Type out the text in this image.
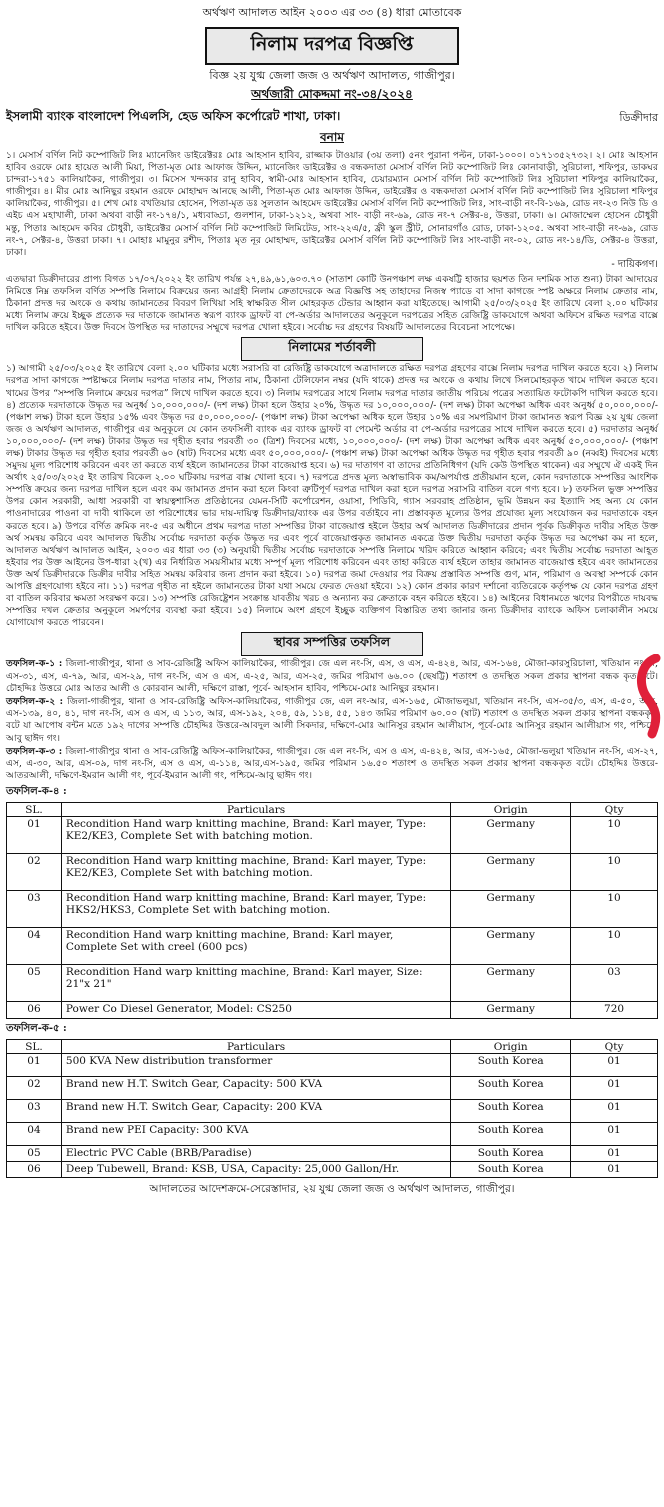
অর্থঋণ আদালত আইন ২০০৩ এর ৩৩ (৪) ধারা মোতাবেক
নিলাম দরপত্র বিজ্ঞপ্তি
বিজ্ঞ ২য় যুগ্ম জেলা জজ ও অর্থঋণ আদালত, গাজীপুর।
অর্থজারী মোকদ্দমা নং-৩৪/২০২৪
ইসলামী ব্যাংক বাংলাদেশ পিএলসি, হেড অফিস কর্পোরেট শাখা, ঢাকা।	ডিক্রীদার
বনাম

১। মেসার্স বর্ণিল নিট কম্পোজিট লিঃ ম্যানেজিং ডাইরেক্টরঃ মোঃ আহসান হাবিব, রাজ্জাক টাওয়ার (৩য় তলা) ৫নং পুরানা পল্টন, ঢাকা-১০০০। ০১৭১৩৫২৭৩২। ২। মোঃ আহসান হাবিব ওরফে মোঃ হায়েত আলী মিয়া, পিতা-মৃত মোঃ আফাজ উদ্দিন, ম্যানেজিং ডাইরেক্টর ও বন্ধকদাতা মেসার্স বর্ণিল নিট কম্পোজিট লিঃ কোনাবাড়ী, সুরিচালা, শফিপুর, ডাকঘর চান্দরা-১৭৫১ কালিয়াকৈর, গাজীপুর। ৩। মিসেস খন্দকার রানু হাবিব, স্বামী-মোঃ আহসান হাবিব, চেয়ারম্যান মেসার্স বর্ণিল নিট কম্পোজিট লিঃ সুরিচালা শফিপুর কালিয়াকৈর, গাজীপুর। ৪। মীর মোঃ আনিছুর রহমান ওরফে মোহাম্মদ আনছে আলী, পিতা-মৃত মোঃ আফাজ উদ্দিন, ডাইরেক্টর ও বন্ধকদাতা মেসার্স বর্ণিল নিট কম্পোজিট লিঃ সুরিচালা শফিপুর কালিয়াকৈর, গাজীপুর। ৫। শেখ মোঃ বখতিয়ার হোসেন, পিতা-মৃত ডঃ সুলতান আহমেদ ডাইরেক্টর মেসার্স বর্ণিল নিট কম্পোজিট লিঃ, সাং-বাড়ী নং-বি-১৬৯, রোড নং-২৩ নিউ ডি ও এইচ এস মহাখালী, ঢাকা অথবা বাড়ী নং-১৭৪/১, মধ্যবাড্ডা, গুলশান, ঢাকা-১২১২, অথবা সাং- বাড়ী নং-৬৯, রোড নং-৭ সেক্টর-৪, উত্তরা, ঢাকা। ৬। মোজাম্মেল হোসেন চৌধুরী মন্তু, পিতাঃ আহমেদ কবির চৌধুরী, ডাইরেক্টর মেসার্স বর্ণিল নিট কম্পোজিট লিমিটেড, সাং-২২এ/৫, ফ্রী স্কুল স্ট্রীট, সোনারগাঁও রোড, ঢাকা-১২০৫. অথবা সাং-বাড়ী নং-৬৯, রোড নং-৭, সেক্টর-৪, উত্তরা ঢাকা। ৭। মোহাঃ মামুনুর রশীদ, পিতাঃ মৃত নূর মোহাম্মদ, ডাইরেক্টর মেসার্স বর্ণিল নিট কম্পোজিট লিঃ সাং-বাড়ী নং-০২, রোড নং-১৪/ডি, সেক্টর-৪ উত্তরা, ঢাকা।

- দায়িকগণ।

এতদ্বারা ডিক্রীদারের প্রাপ্য বিগত ১৭/০৭/২০২২ ইং তারিখ পর্যন্ত ২৭,৪৯,৬১,৬০৩.৭০ (সাতাশ কোটি উনপঞ্চাশ লক্ষ একষট্টি হাজার ছয়শত তিন দশমিক সাত শুন্য) টাকা আদায়ের নিমিত্তে নিম্ন তফসিল বর্ণিত সম্পত্তি নিলামে বিক্রয়ের জন্য আগ্রহী নিলাম ক্রেতাদেরকে অত্র বিজ্ঞপ্তি সহ তাহাদের নিজস্ব প্যাডে বা সাদা কাগজে স্পষ্ট অক্ষরে নিলাম ক্রেতার নাম, ঠিকানা প্রদত্ত দর অংকে ও কথায় জামানতের বিবরণ লিখিয়া সহি স্বাক্ষরিত সীল মোহরকৃত টেন্ডার আহ্বান করা যাইতেছে। আগামী ২৫/০৩/২০২৫ ইং তারিখে বেলা ২.০০ ঘটিকার মধ্যে নিলাম ক্রয়ে ইচ্ছুক প্রত্যেক দর দাতাকে জামানত স্বরূপ ব্যাংক ড্রাফট বা পে-অর্ডার আদালতের অনুকূলে দরপত্রের সহিত রেজিষ্ট্রি ডাকযোগে অথবা অফিসে রক্ষিত দরপত্র বাক্সে দাখিল করিতে হইবে। উক্ত দিবসে উপস্থিত দর দাতাদের সম্মুখে দরপত্র খোলা হইবে। সর্বোচ্চ দর গ্রহণের বিষয়টি আদালতের বিবেচনা সাপেক্ষে।

নিলামের শর্তাবলী

১) আগামী ২৫/০৩/২০২৫ ইং তারিখে বেলা ২.০০ ঘটিকার মধ্যে সরাসরি বা রেজিষ্ট্রি ডাকযোগে অত্রাদালতে রক্ষিত দরপত্র গ্রহণের বাক্সে নিলাম দরপত্র দাখিল করতে হবে। ২) নিলাম দরপত্র সাদা কাগজে স্পষ্টাক্ষরে নিলাম দরপত্র দাতার নাম, পিতার নাম, ঠিকানা টেলিফোন নম্বর (যদি থাকে) প্রদত্ত দর অংকে ও কথায় লিখে সিলমোহরকৃত খামে দাখিল করতে হবে। খামের উপর “সম্পত্তি নিলামে ক্রয়ের দরপত্র” লিখে দাখিল করতে হবে। ৩) নিলাম দরপত্রের সাথে নিলাম দরপত্র দাতার জাতীয় পরিচয় পত্রের সত্যায়িত ফটোকপি দাখিল করতে হবে। ৪) প্রত্যেক দরদাতাকে উদ্ধৃত দর অনুর্ধ্ব ১০,০০০,০০০/- (দশ লক্ষ) টাকা হলে উহার ২০%, উদ্ধৃত দর ১০,০০০,০০০/- (দশ লক্ষ) টাকা অপেক্ষা অধিক এবং অনুর্ধ্ব ৫০,০০০,০০০/- (পঞ্চাশ লক্ষ) টাকা হলে উহার ১৫% এবং উদ্ধৃত দর ৫০,০০০,০০০/- (পঞ্চাশ লক্ষ) টাকা অপেক্ষা অধিক হলে উহার ১০% এর সমপরিমাণ টাকা জামানত স্বরূপ বিজ্ঞ ২য় যুগ্ম জেলা জজ ও অর্থঋণ আদালত, গাজীপুর এর অনুকূলে যে কোন তফসিলী ব্যাংক এর ব্যাংক ড্রাফট বা পেমেন্ট অর্ডার বা পে-অর্ডার দরপত্রের সাথে দাখিল করতে হবে। ৫) দরদাতার অনুর্ধ্ব ১০,০০০,০০০/- (দশ লক্ষ) টাকার উদ্ধৃত দর গৃহীত হবার পরবর্তী ৩০ (ত্রিশ) দিবসের মধ্যে, ১০,০০০,০০০/- (দশ লক্ষ) টাকা অপেক্ষা অধিক এবং অনুর্ধ্ব ৫০,০০০,০০০/- (পঞ্চাশ লক্ষ) টাকার উদ্ধৃত দর গৃহীত হবার পরবর্তী ৬০ (ষাট) দিবসের মধ্যে এবং ৫০,০০০,০০০/- (পঞ্চাশ লক্ষ) টাকা অপেক্ষা অধিক উদ্ধৃত দর গৃহীত হবার পরবর্তী ৯০ (নব্বই) দিবসের মধ্যে সমুদয় মূল্য পরিশোধ করিবেন এবং তা করতে ব্যর্থ হইলে জামানতের টাকা বাজেয়াপ্ত হবে। ৬) দর দাতাগণ বা তাদের প্রতিনিধিগণ (যদি কেউ উপস্থিত থাকেন) এর সম্মুখে ঐ একই দিন অর্থাৎ ২৫/০৩/২০২৫ ইং তারিখ বিকেল ২.০০ ঘটিকায় দরপত্র বাক্স খোলা হবে। ৭) দরপত্রে প্রদত্ত মূল্য অস্বাভাবিক কম/অপর্যাপ্ত প্রতীয়মান হলে, কোন দরদাতাকে সম্পত্তির আংশিক সম্পত্তি ক্রয়ের জন্য দরপত্র দাখিল হলে এবং কম জামানত প্রদান করা হলে কিংবা ত্রুটিপূর্ণ দরপত্র দাখিল করা হলে দরপত্র সরাসরি বাতিল বলে গণ্য হবে। ৮) তফসিল ভুক্ত সম্পত্তির উপর কোন সরকারী, আধা সরকারী বা স্বায়ত্বশাসিত প্রতিষ্ঠানের যেমন-সিটি কর্পোরেশন, ওয়াসা, পিডিবি, গ্যাস সরবরাহ প্রতিষ্ঠান, ভূমি উন্নয়ন কর ইত্যাদি সহ অন্য যে কোন পাওনাদারের পাওনা বা দাবী থাকিলে তা পরিশোধের ভার দায়-দায়িত্ব ডিক্রীদার/ব্যাংক এর উপর বর্তাইবে না। প্রস্তাবকৃত মূল্যের উপর প্রযোজ্য মূল্য সংযোজন কর দরদাতাকে বহন করতে হবে। ৯) উপরে বর্ণিত ক্রমিক নং-৫ এর অধীনে প্রথম দরপত্র দাতা সম্পত্তির টাকা বাজেয়াপ্ত হইলে উহার অর্থ আদালত ডিক্রীদারের প্রদান পূর্বক ডিক্রীকৃত দাবীর সহিত উক্ত অর্থ সমন্বয় করিবে এবং আদালত দ্বিতীয় সর্বোচ্চ দরদাতা কর্তৃক উদ্ধৃত দর এবং পূর্বে বাজেয়াপ্তকৃত জামানত একত্রে উক্ত দ্বিতীয় দরদাতা কর্তৃক উদ্ধৃত দর অপেক্ষা কম না হলে, আদালত অর্থঋণ আদালত আইন, ২০০৩ এর ধারা ৩৩ (৩) অনুযায়ী দ্বিতীয় সর্বোচ্চ দরদাতাকে সম্পত্তি নিলামে খরিদ করিতে আহ্বান করিবে; এবং দ্বিতীয় সর্বোচ্চ দরদাতা আহূত হইবার পর উক্ত আইনের উপ-ধারা ২(খ) এর নির্ধারিত সময়সীমার মধ্যে সম্পূর্ণ মূল্য পরিশোধ করিবেন এবং তাহা করিতে ব্যর্থ হইলে তাহার জামানত বাজেয়াপ্ত হইবে এবং জামানতের উক্ত অর্থ ডিক্রীদারকে ডিক্রীর দাবীর সহিত সমন্বয় করিবার জন্য প্রদান করা হইবে। ১০) দরপত্র জমা দেওয়ার পর বিক্রয় প্রস্তাবিত সম্পত্তি গুণ, মান, পরিমাণ ও অবস্থা সম্পর্কে কোন আপত্তি গ্রহণযোগ্য হইবে না। ১১) দরপত্র গৃহীত না হইলে জামানতের টাকা যথা সময়ে ফেরত দেওয়া হইবে। ১২) কোন প্রকার কারণ দর্শানো ব্যতিরেকে কর্তৃপক্ষ যে কোন দরপত্র গ্রহণ বা বাতিল করিবার ক্ষমতা সংরক্ষণ করে। ১৩) সম্পত্তি রেজিষ্ট্রেশন সংক্রান্ত যাবতীয় খরচ ও অন্যান্য কর ক্রেতাকে বহন করিতে হইবে। ১৪) আইনের বিধানমতে ঋণের বিপরীতে দায়বদ্ধ সম্পত্তির দখল ক্রেতার অনুকূলে সমর্পণের ব্যবস্থা করা হইবে। ১৫) নিলামে অংশ গ্রহণে ইচ্ছুক ব্যক্তিগণ বিস্তারিত তথ্য জানার জন্য ডিক্রীদার ব্যাংকে অফিস চলাকালীন সময়ে যোগাযোগ করতে পারবেন।

স্থাবর সম্পত্তির তফসিল
তফসিল-ক-১ : জিলা-গাজীপুর, থানা ও সাব-রেজিষ্ট্রি অফিস কালিয়াকৈর, গাজীপুর। জে এল নং-সি, এস, ও এস, এ-৪২৪, আর, এস-১৬৪, মৌজা-কারসুরিচালা, খতিয়ান নং-সি, এস-৩১, এস, এ-৭৯, আর, এস-২৯, দাগ নং-সি, এস ও এস, এ-২৫, আর, এস-২৫, জমির পরিমাণ ৬৬.০০ (ছেষট্টি) শতাংশ ও তদস্থিত সকল প্রকার স্থাপনা বন্ধক কৃত বটে। চৌহদ্দিঃ উত্তরে মোঃ আতর আলী ও কোরবান আলী, দক্ষিণে রাস্তা, পূর্বে- আহসান হাবিব, পশ্চিমে-মোঃ আনিছুর রহমান।
তফসিল-ক-২ : জিলা-গাজীপুর, থানা ও সাব-রেজিষ্ট্রি অফিস-কালিয়াকৈর, গাজীপুর জে, এল নং-আর, এস-১৬৫, মৌজাভলুয়া, খতিয়ান নং-সি, এস-৩৫/৩, এস, এ-৫০, আর, এস-১৩৯, ৪০, ৪১, দাগ নং-সি, এস ও এস, এ ১১৩, আর, এস-১৯২, ২০৪, ৫৯, ১১৪, ৫৫, ১৪৩ জমির পরিমাণ ৬০.০০ (ষাট) শতাংশ ও তদস্থিত সকল প্রকার স্থাপনা বন্ধককৃত বটে যা আপোষ বন্টন মতে ১৯২ দাগের সম্পত্তি চৌহদ্দিঃ উত্তরে-আবদুল আলী সিকদার, দক্ষিণে-মোঃ আনিসুর রহমান আলীয়াস, পূর্বে-মোঃ আনিসুর রহমান আলীয়াস গং, পশ্চিমে-আবু ছাঈদ গং।
তফসিল-ক-৩ : জিলা-গাজীপুর থানা ও সাব-রেজিষ্ট্রি অফিস-কালিয়াকৈর, গাজীপুর। জে এল নং-সি, এস ও এস, এ-৪২৪, আর, এস-১৬৫, মৌজা-ভলুয়া খতিয়ান নং-সি, এস-২৭, এস, এ-৩০, আর, এস-০৯, দাগ নং-সি, এস ও এস, এ-১১৪, আর,এস-১৯৫, জমির পরিমান ১৬.৫০ শতাংশ ও তদস্থিত সকল প্রকার স্থাপনা বন্ধককৃত বটে। চৌহদ্দিঃ উত্তরে-আতরআলী, দক্ষিণে-ইমরান আলী গং, পূর্বে-ইমরান আলী গং, পশ্চিমে-আবু ছাঈদ গং।
তফসিল-ক-৪ :
SL.	Particulars	Origin	Qty
01	Recondition Hand warp knitting machine, Brand: Karl mayer, Type: KE2/KE3, Complete Set with batching motion.	Germany	10
02	Recondition Hand warp knitting machine, Brand: Karl mayer, Type: KE2/KE3, Complete Set with batching motion.	Germany	10
03	Recondition Hand warp knitting machine, Brand: Karl mayer, Type: HKS2/HKS3, Complete Set with batching motion.	Germany	10
04	Recondition Hand warp knitting machine, Brand: Karl mayer, Complete Set with creel (600 pcs)	Germany	10
05	Recondition Hand warp knitting machine, Brand: Karl mayer, Size: 21"x 21"	Germany	03
06	Power Co Diesel Generator, Model: CS250	Germany	720
তফসিল-ক-৫ :
SL.	Particulars	Origin	Qty
01	500 KVA New distribution transformer	South Korea	01
02	Brand new H.T. Switch Gear, Capacity: 500 KVA	South Korea	01
03	Brand new H.T. Switch Gear, Capacity: 200 KVA	South Korea	01
04	Brand new PEI Capacity: 300 KVA	South Korea	01
05	Electric PVC Cable (BRB/Paradise)	South Korea	01
06	Deep Tubewell, Brand: KSB, USA, Capacity: 25,000 Gallon/Hr.	South Korea	01
আদালতের আদেশক্রমে-সেরেস্তাদার, ২য় যুগ্ম জেলা জজ ও অর্থঋণ আদালত, গাজীপুর।
